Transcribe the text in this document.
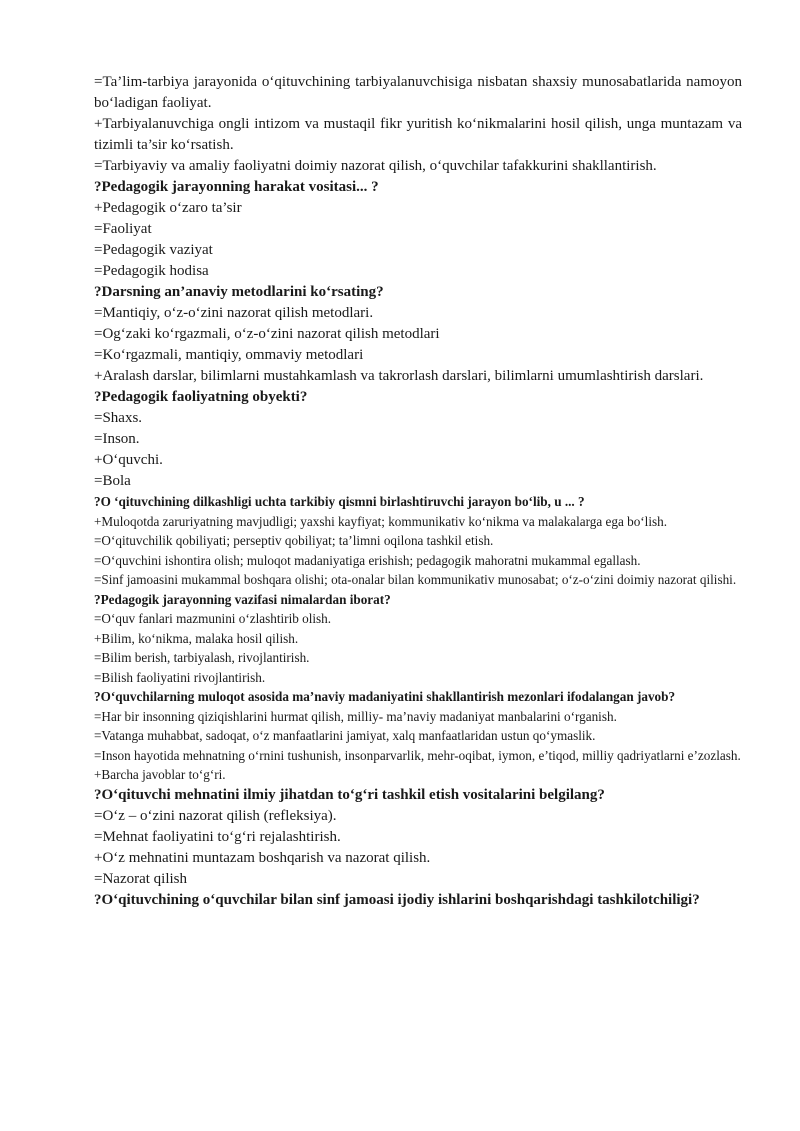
=Ta’lim-tarbiya jarayonida o‘qituvchining tarbiyalanuvchisiga nisbatan shaxsiy munosabatlarida namoyon bo‘ladigan faoliyat.

+Tarbiyalanuvchiga ongli intizom va mustaqil fikr yuritish ko‘nikmalarini hosil qilish, unga muntazam va tizimli ta’sir ko‘rsatish.

=Tarbiyaviy va amaliy faoliyatni doimiy nazorat qilish, o‘quvchilar tafakkurini shakllantirish.

?Pedagogik jarayonning harakat vositasi... ?

+Pedagogik o‘zaro ta’sir

=Faoliyat

=Pedagogik vaziyat

=Pedagogik hodisa

?Darsning an’anaviy metodlarini ko‘rsating?

=Mantiqiy, o‘z-o‘zini nazorat qilish metodlari.

=Og‘zaki ko‘rgazmali, o‘z-o‘zini nazorat qilish metodlari

=Ko‘rgazmali, mantiqiy, ommaviy metodlari

+Aralash darslar, bilimlarni mustahkamlash va takrorlash darslari, bilimlarni umumlashtirish darslari.

?Pedagogik faoliyatning obyekti?

=Shaxs.

=Inson.

+O‘quvchi.

=Bola

?O ‘qituvchining dilkashligi uchta tarkibiy qismni birlashtiruvchi jarayon bo‘lib, u ... ?

+Muloqotda zaruriyatning mavjudligi; yaxshi kayfiyat; kommunikativ ko‘nikma va malakalarga ega bo‘lish.

=O‘qituvchilik qobiliyati; perseptiv qobiliyat; ta’limni oqilona tashkil etish.

=O‘quvchini ishontira olish; muloqot madaniyatiga erishish; pedagogik mahoratni mukammal egallash.

=Sinf jamoasini mukammal boshqara olishi; ota-onalar bilan kommunikativ munosabat; o‘z-o‘zini doimiy nazorat qilishi.

?Pedagogik jarayonning vazifasi nimalardan iborat?

=O‘quv fanlari mazmunini o‘zlashtirib olish.

+Bilim, ko‘nikma, malaka hosil qilish.

=Bilim berish, tarbiyalash, rivojlantirish.

=Bilish faoliyatini rivojlantirish.

?O‘quvchilarning muloqot asosida ma’naviy madaniyatini shakllantirish mezonlari ifodalangan javob?

=Har bir insonning qiziqishlarini hurmat qilish, milliy- ma’naviy madaniyat manbalarini o‘rganish.

=Vatanga muhabbat, sadoqat, o‘z manfaatlarini jamiyat, xalq manfaatlaridan ustun qo‘ymaslik.

=Inson hayotida mehnatning o‘rnini tushunish, insonparvarlik, mehr-oqibat, iymon, e’tiqod, milliy qadriyatlarni e’zozlash.

+Barcha javoblar to‘g‘ri.

?O‘qituvchi mehnatini ilmiy jihatdan to‘g‘ri tashkil etish vositalarini belgilang?

=O‘z – o‘zini nazorat qilish (refleksiya).

=Mehnat faoliyatini to‘g‘ri rejalashtirish.

+O‘z mehnatini muntazam boshqarish va nazorat qilish.

=Nazorat qilish

?O‘qituvchining o‘quvchilar bilan sinf jamoasi ijodiy ishlarini boshqarishdagi tashkilotchiligi?
